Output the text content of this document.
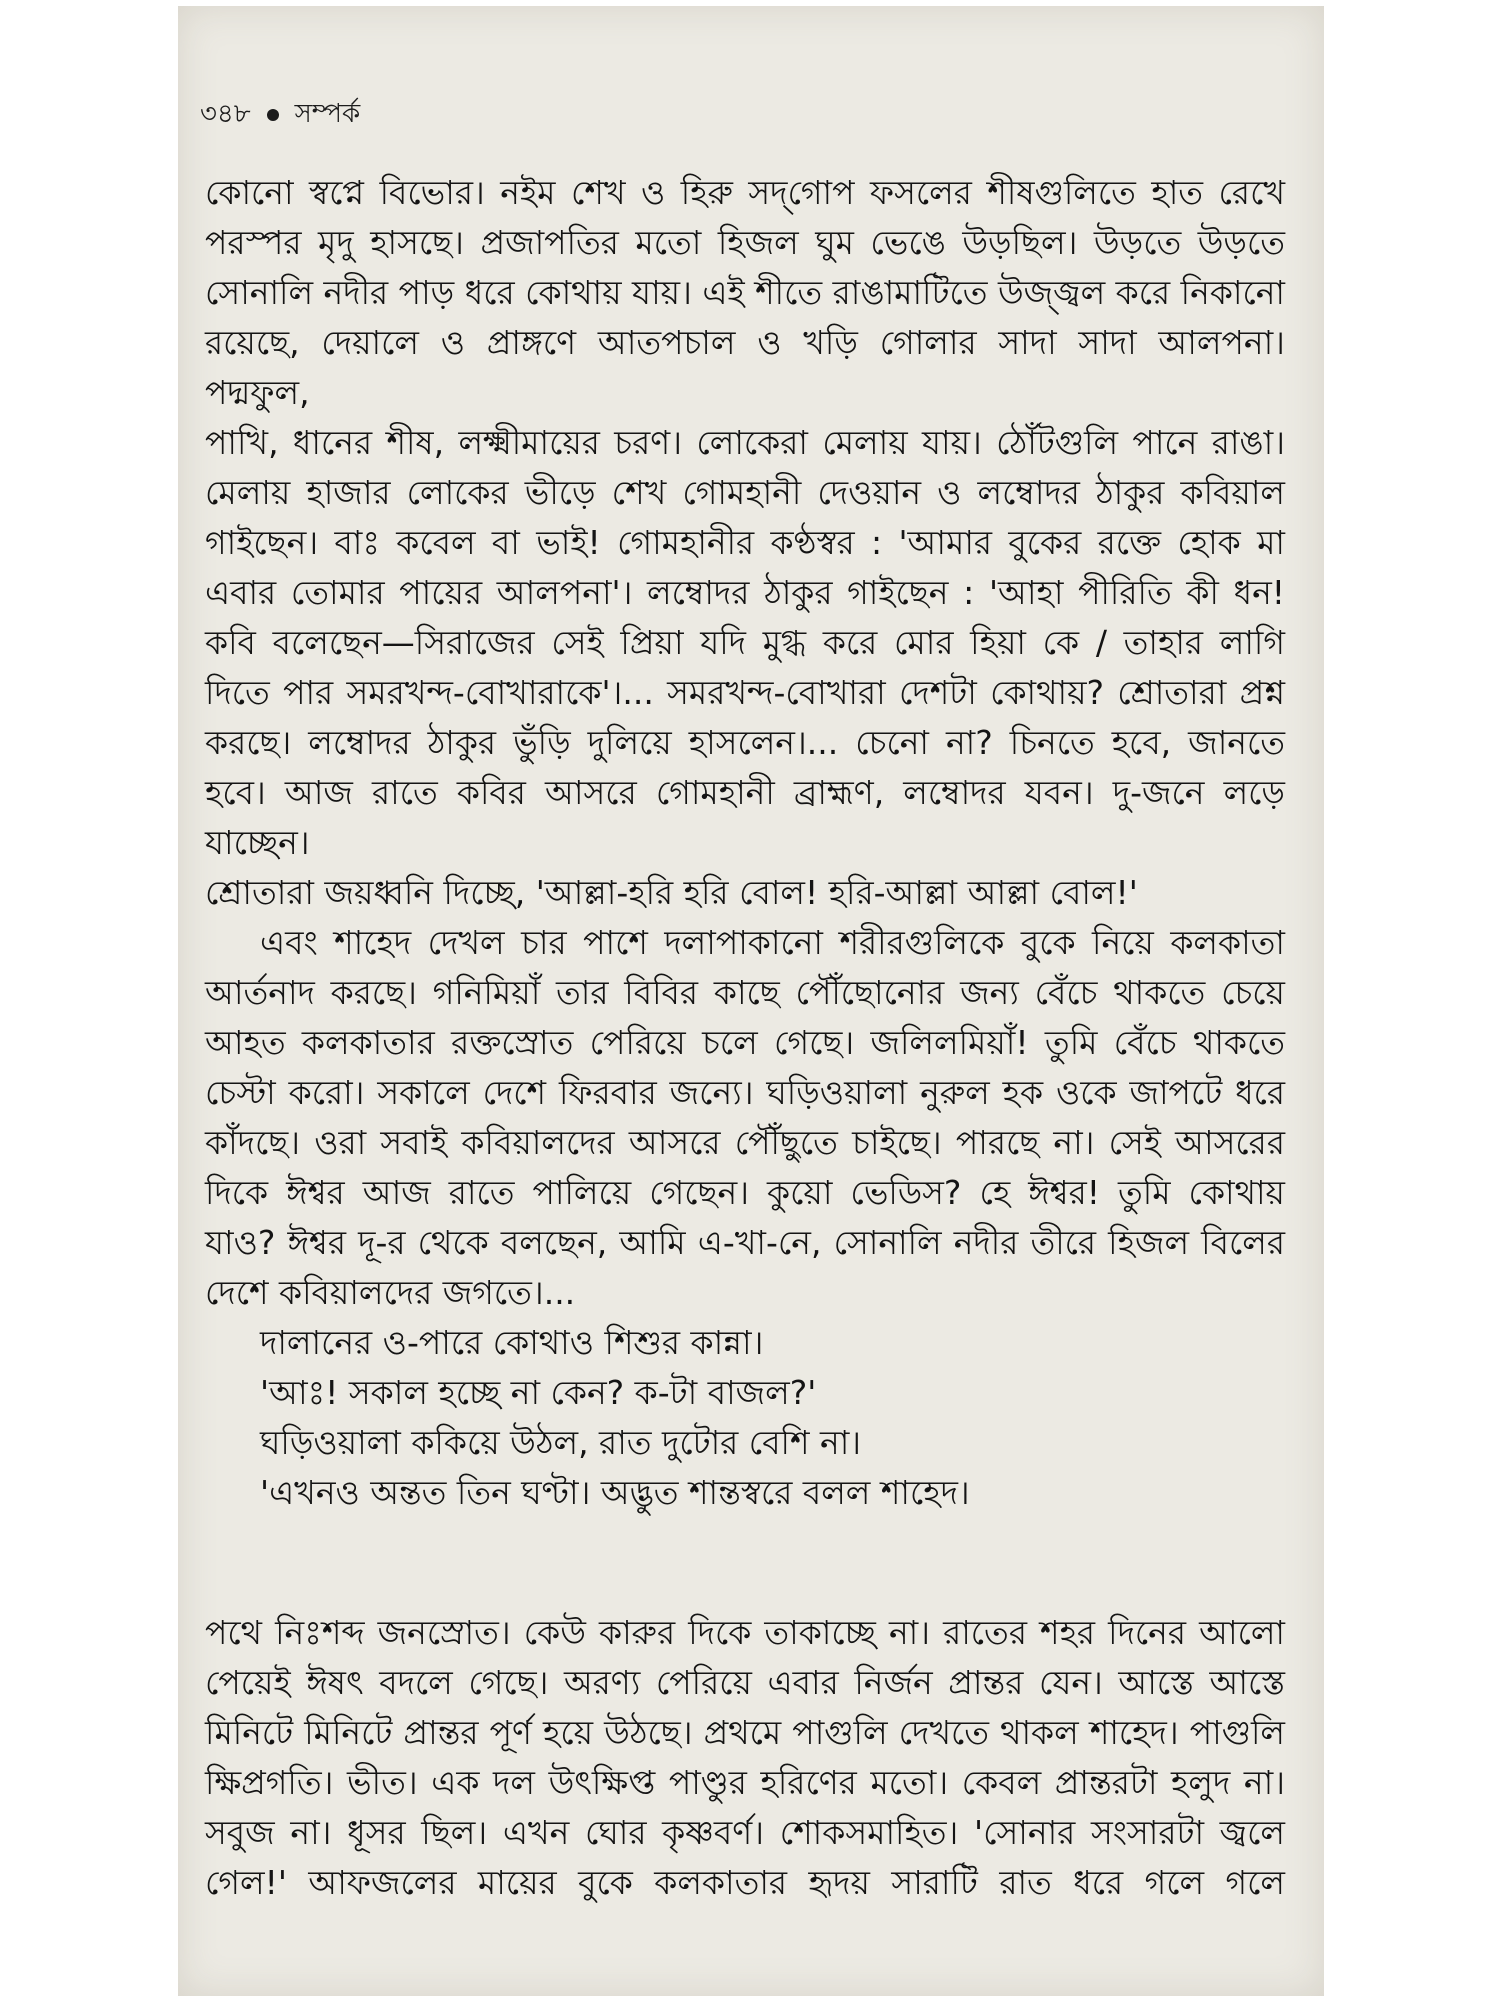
৩৪৮ সম্পর্ক
কোনো স্বপ্নে বিভোর। নইম শেখ ও হিরু সদ্‌গোপ ফসলের শীষগুলিতে হাত রেখে
পরস্পর মৃদু হাসছে। প্রজাপতির মতো হিজল ঘুম ভেঙে উড়ছিল। উড়তে উড়তে
সোনালি নদীর পাড় ধরে কোথায় যায়। এই শীতে রাঙামাটিতে উজ্জ্বল করে নিকানো
রয়েছে, দেয়ালে ও প্রাঙ্গণে আতপচাল ও খড়ি গোলার সাদা সাদা আলপনা। পদ্মফুল,
পাখি, ধানের শীষ, লক্ষ্মীমায়ের চরণ। লোকেরা মেলায় যায়। ঠোঁটগুলি পানে রাঙা।
মেলায় হাজার লোকের ভীড়ে শেখ গোমহানী দেওয়ান ও লম্বোদর ঠাকুর কবিয়াল
গাইছেন। বাঃ কবেল বা ভাই! গোমহানীর কণ্ঠস্বর : 'আমার বুকের রক্তে হোক মা
এবার তোমার পায়ের আলপনা'। লম্বোদর ঠাকুর গাইছেন : 'আহা পীরিতি কী ধন!
কবি বলেছেন—সিরাজের সেই প্রিয়া যদি মুগ্ধ করে মোর হিয়া কে / তাহার লাগি
দিতে পার সমরখন্দ-বোখারাকে'।... সমরখন্দ-বোখারা দেশটা কোথায়? শ্রোতারা প্রশ্ন
করছে। লম্বোদর ঠাকুর ভুঁড়ি দুলিয়ে হাসলেন।... চেনো না? চিনতে হবে, জানতে
হবে। আজ রাতে কবির আসরে গোমহানী ব্রাহ্মণ, লম্বোদর যবন। দু-জনে লড়ে যাচ্ছেন।
শ্রোতারা জয়ধ্বনি দিচ্ছে, 'আল্লা-হরি হরি বোল! হরি-আল্লা আল্লা বোল!'
এবং শাহেদ দেখল চার পাশে দলাপাকানো শরীরগুলিকে বুকে নিয়ে কলকাতা
আর্তনাদ করছে। গনিমিয়াঁ তার বিবির কাছে পৌঁছোনোর জন্য বেঁচে থাকতে চেয়ে
আহত কলকাতার রক্তস্রোত পেরিয়ে চলে গেছে। জলিলমিয়াঁ! তুমি বেঁচে থাকতে
চেস্টা করো। সকালে দেশে ফিরবার জন্যে। ঘড়িওয়ালা নুরুল হক ওকে জাপটে ধরে
কাঁদছে। ওরা সবাই কবিয়ালদের আসরে পৌঁছুতে চাইছে। পারছে না। সেই আসরের
দিকে ঈশ্বর আজ রাতে পালিয়ে গেছেন। কুয়ো ভেডিস? হে ঈশ্বর! তুমি কোথায়
যাও? ঈশ্বর দূ-র থেকে বলছেন, আমি এ-খা-নে, সোনালি নদীর তীরে হিজল বিলের
দেশে কবিয়ালদের জগতে।...
দালানের ও-পারে কোথাও শিশুর কান্না।
'আঃ! সকাল হচ্ছে না কেন? ক-টা বাজল?'
ঘড়িওয়ালা ককিয়ে উঠল, রাত দুটোর বেশি না।
'এখনও অন্তত তিন ঘণ্টা। অদ্ভুত শান্তস্বরে বলল শাহেদ।
পথে নিঃশব্দ জনস্রোত। কেউ কারুর দিকে তাকাচ্ছে না। রাতের শহর দিনের আলো
পেয়েই ঈষৎ বদলে গেছে। অরণ্য পেরিয়ে এবার নির্জন প্রান্তর যেন। আস্তে আস্তে
মিনিটে মিনিটে প্রান্তর পূর্ণ হয়ে উঠছে। প্রথমে পাগুলি দেখতে থাকল শাহেদ। পাগুলি
ক্ষিপ্রগতি। ভীত। এক দল উৎক্ষিপ্ত পাণ্ডুর হরিণের মতো। কেবল প্রান্তরটা হলুদ না।
সবুজ না। ধূসর ছিল। এখন ঘোর কৃষ্ণবর্ণ। শোকসমাহিত। 'সোনার সংসারটা জ্বলে
গেল!' আফজলের মায়ের বুকে কলকাতার হৃদয় সারাটি রাত ধরে গলে গলে
